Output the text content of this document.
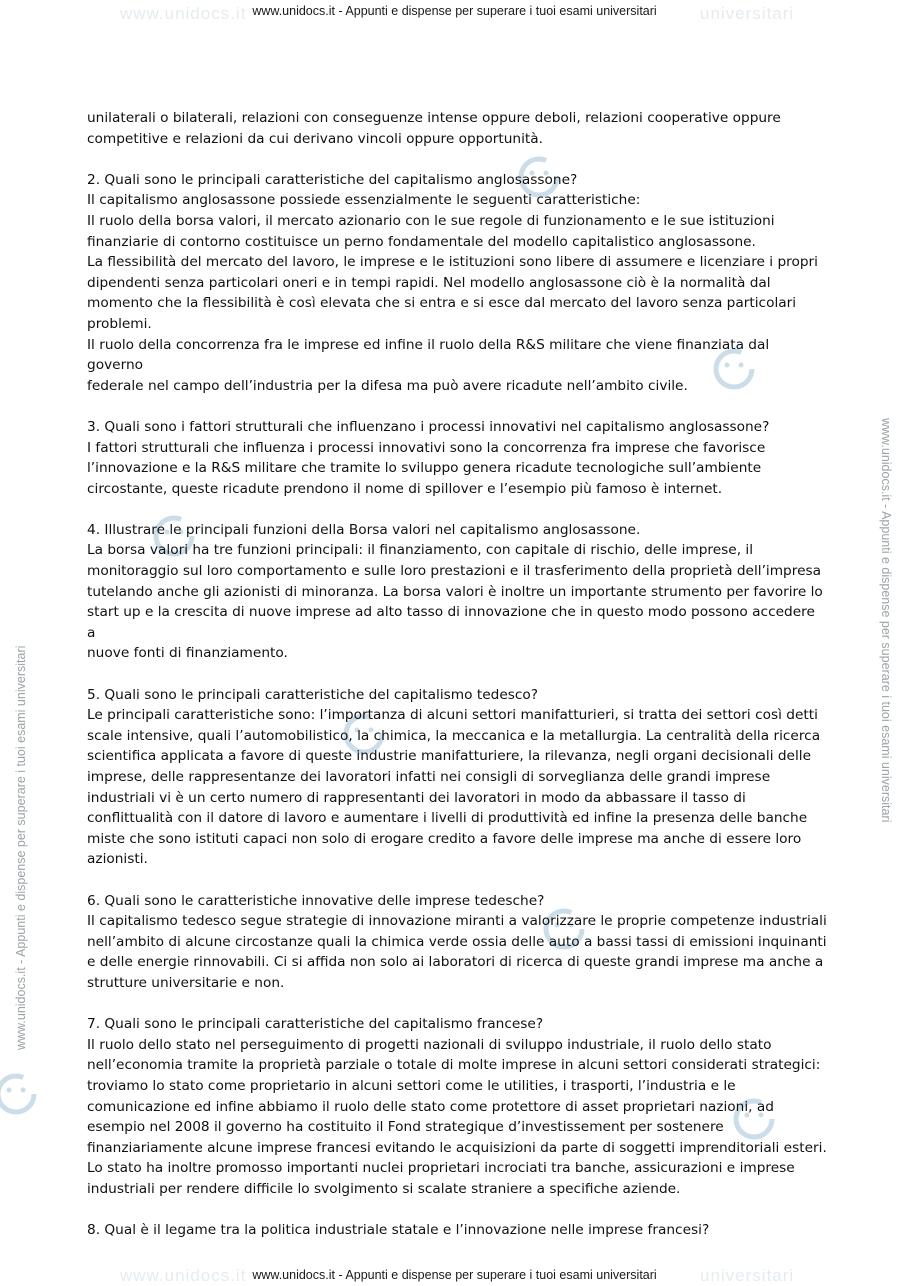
www.unidocs.it	universitari
www.unidocs.it	universitari
www.unidocs.it - Appunti e dispense per superare i tuoi esami universitari
www.unidocs.it - Appunti e dispense per superare i tuoi esami universitari
www.unidocs.it - Appunti e dispense per superare i tuoi esami universitari
www.unidocs.it - Appunti e dispense per superare i tuoi esami universitari

unilaterali o bilaterali, relazioni con conseguenze intense oppure deboli, relazioni cooperative oppure

competitive e relazioni da cui derivano vincoli oppure opportunità.

2. Quali sono le principali caratteristiche del capitalismo anglosassone?

Il capitalismo anglosassone possiede essenzialmente le seguenti caratteristiche:

Il ruolo della borsa valori, il mercato azionario con le sue regole di funzionamento e le sue istituzioni

finanziarie di contorno costituisce un perno fondamentale del modello capitalistico anglosassone.

La flessibilità del mercato del lavoro, le imprese e le istituzioni sono libere di assumere e licenziare i propri

dipendenti senza particolari oneri e in tempi rapidi. Nel modello anglosassone ciò è la normalità dal

momento che la flessibilità è così elevata che si entra e si esce dal mercato del lavoro senza particolari

problemi.

Il ruolo della concorrenza fra le imprese ed infine il ruolo della R&S militare che viene finanziata dal governo

federale nel campo dell’industria per la difesa ma può avere ricadute nell’ambito civile.

3. Quali sono i fattori strutturali che influenzano i processi innovativi nel capitalismo anglosassone?

I fattori strutturali che influenza i processi innovativi sono la concorrenza fra imprese che favorisce

l’innovazione e la R&S militare che tramite lo sviluppo genera ricadute tecnologiche sull’ambiente

circostante, queste ricadute prendono il nome di spillover e l’esempio più famoso è internet.

4. Illustrare le principali funzioni della Borsa valori nel capitalismo anglosassone.

La borsa valori ha tre funzioni principali: il finanziamento, con capitale di rischio, delle imprese, il

monitoraggio sul loro comportamento e sulle loro prestazioni e il trasferimento della proprietà dell’impresa

tutelando anche gli azionisti di minoranza. La borsa valori è inoltre un importante strumento per favorire lo

start up e la crescita di nuove imprese ad alto tasso di innovazione che in questo modo possono accedere a

nuove fonti di finanziamento.

5. Quali sono le principali caratteristiche del capitalismo tedesco?

Le principali caratteristiche sono: l’importanza di alcuni settori manifatturieri, si tratta dei settori così detti

scale intensive, quali l’automobilistico, la chimica, la meccanica e la metallurgia. La centralità della ricerca

scientifica applicata a favore di queste industrie manifatturiere, la rilevanza, negli organi decisionali delle

imprese, delle rappresentanze dei lavoratori infatti nei consigli di sorveglianza delle grandi imprese

industriali vi è un certo numero di rappresentanti dei lavoratori in modo da abbassare il tasso di

conflittualità con il datore di lavoro e aumentare i livelli di produttività ed infine la presenza delle banche

miste che sono istituti capaci non solo di erogare credito a favore delle imprese ma anche di essere loro

azionisti.

6. Quali sono le caratteristiche innovative delle imprese tedesche?

Il capitalismo tedesco segue strategie di innovazione miranti a valorizzare le proprie competenze industriali

nell’ambito di alcune circostanze quali la chimica verde ossia delle auto a bassi tassi di emissioni inquinanti

e delle energie rinnovabili. Ci si affida non solo ai laboratori di ricerca di queste grandi imprese ma anche a

strutture universitarie e non.

7. Quali sono le principali caratteristiche del capitalismo francese?

Il ruolo dello stato nel perseguimento di progetti nazionali di sviluppo industriale, il ruolo dello stato

nell’economia tramite la proprietà parziale o totale di molte imprese in alcuni settori considerati strategici:

troviamo lo stato come proprietario in alcuni settori come le utilities, i trasporti, l’industria e le

comunicazione ed infine abbiamo il ruolo delle stato come protettore di asset proprietari nazioni, ad

esempio nel 2008 il governo ha costituito il Fond strategique d’investissement per sostenere

finanziariamente alcune imprese francesi evitando le acquisizioni da parte di soggetti imprenditoriali esteri.

Lo stato ha inoltre promosso importanti nuclei proprietari incrociati tra banche, assicurazioni e imprese

industriali per rendere difficile lo svolgimento si scalate straniere a specifiche aziende.

8. Qual è il legame tra la politica industriale statale e l’innovazione nelle imprese francesi?
